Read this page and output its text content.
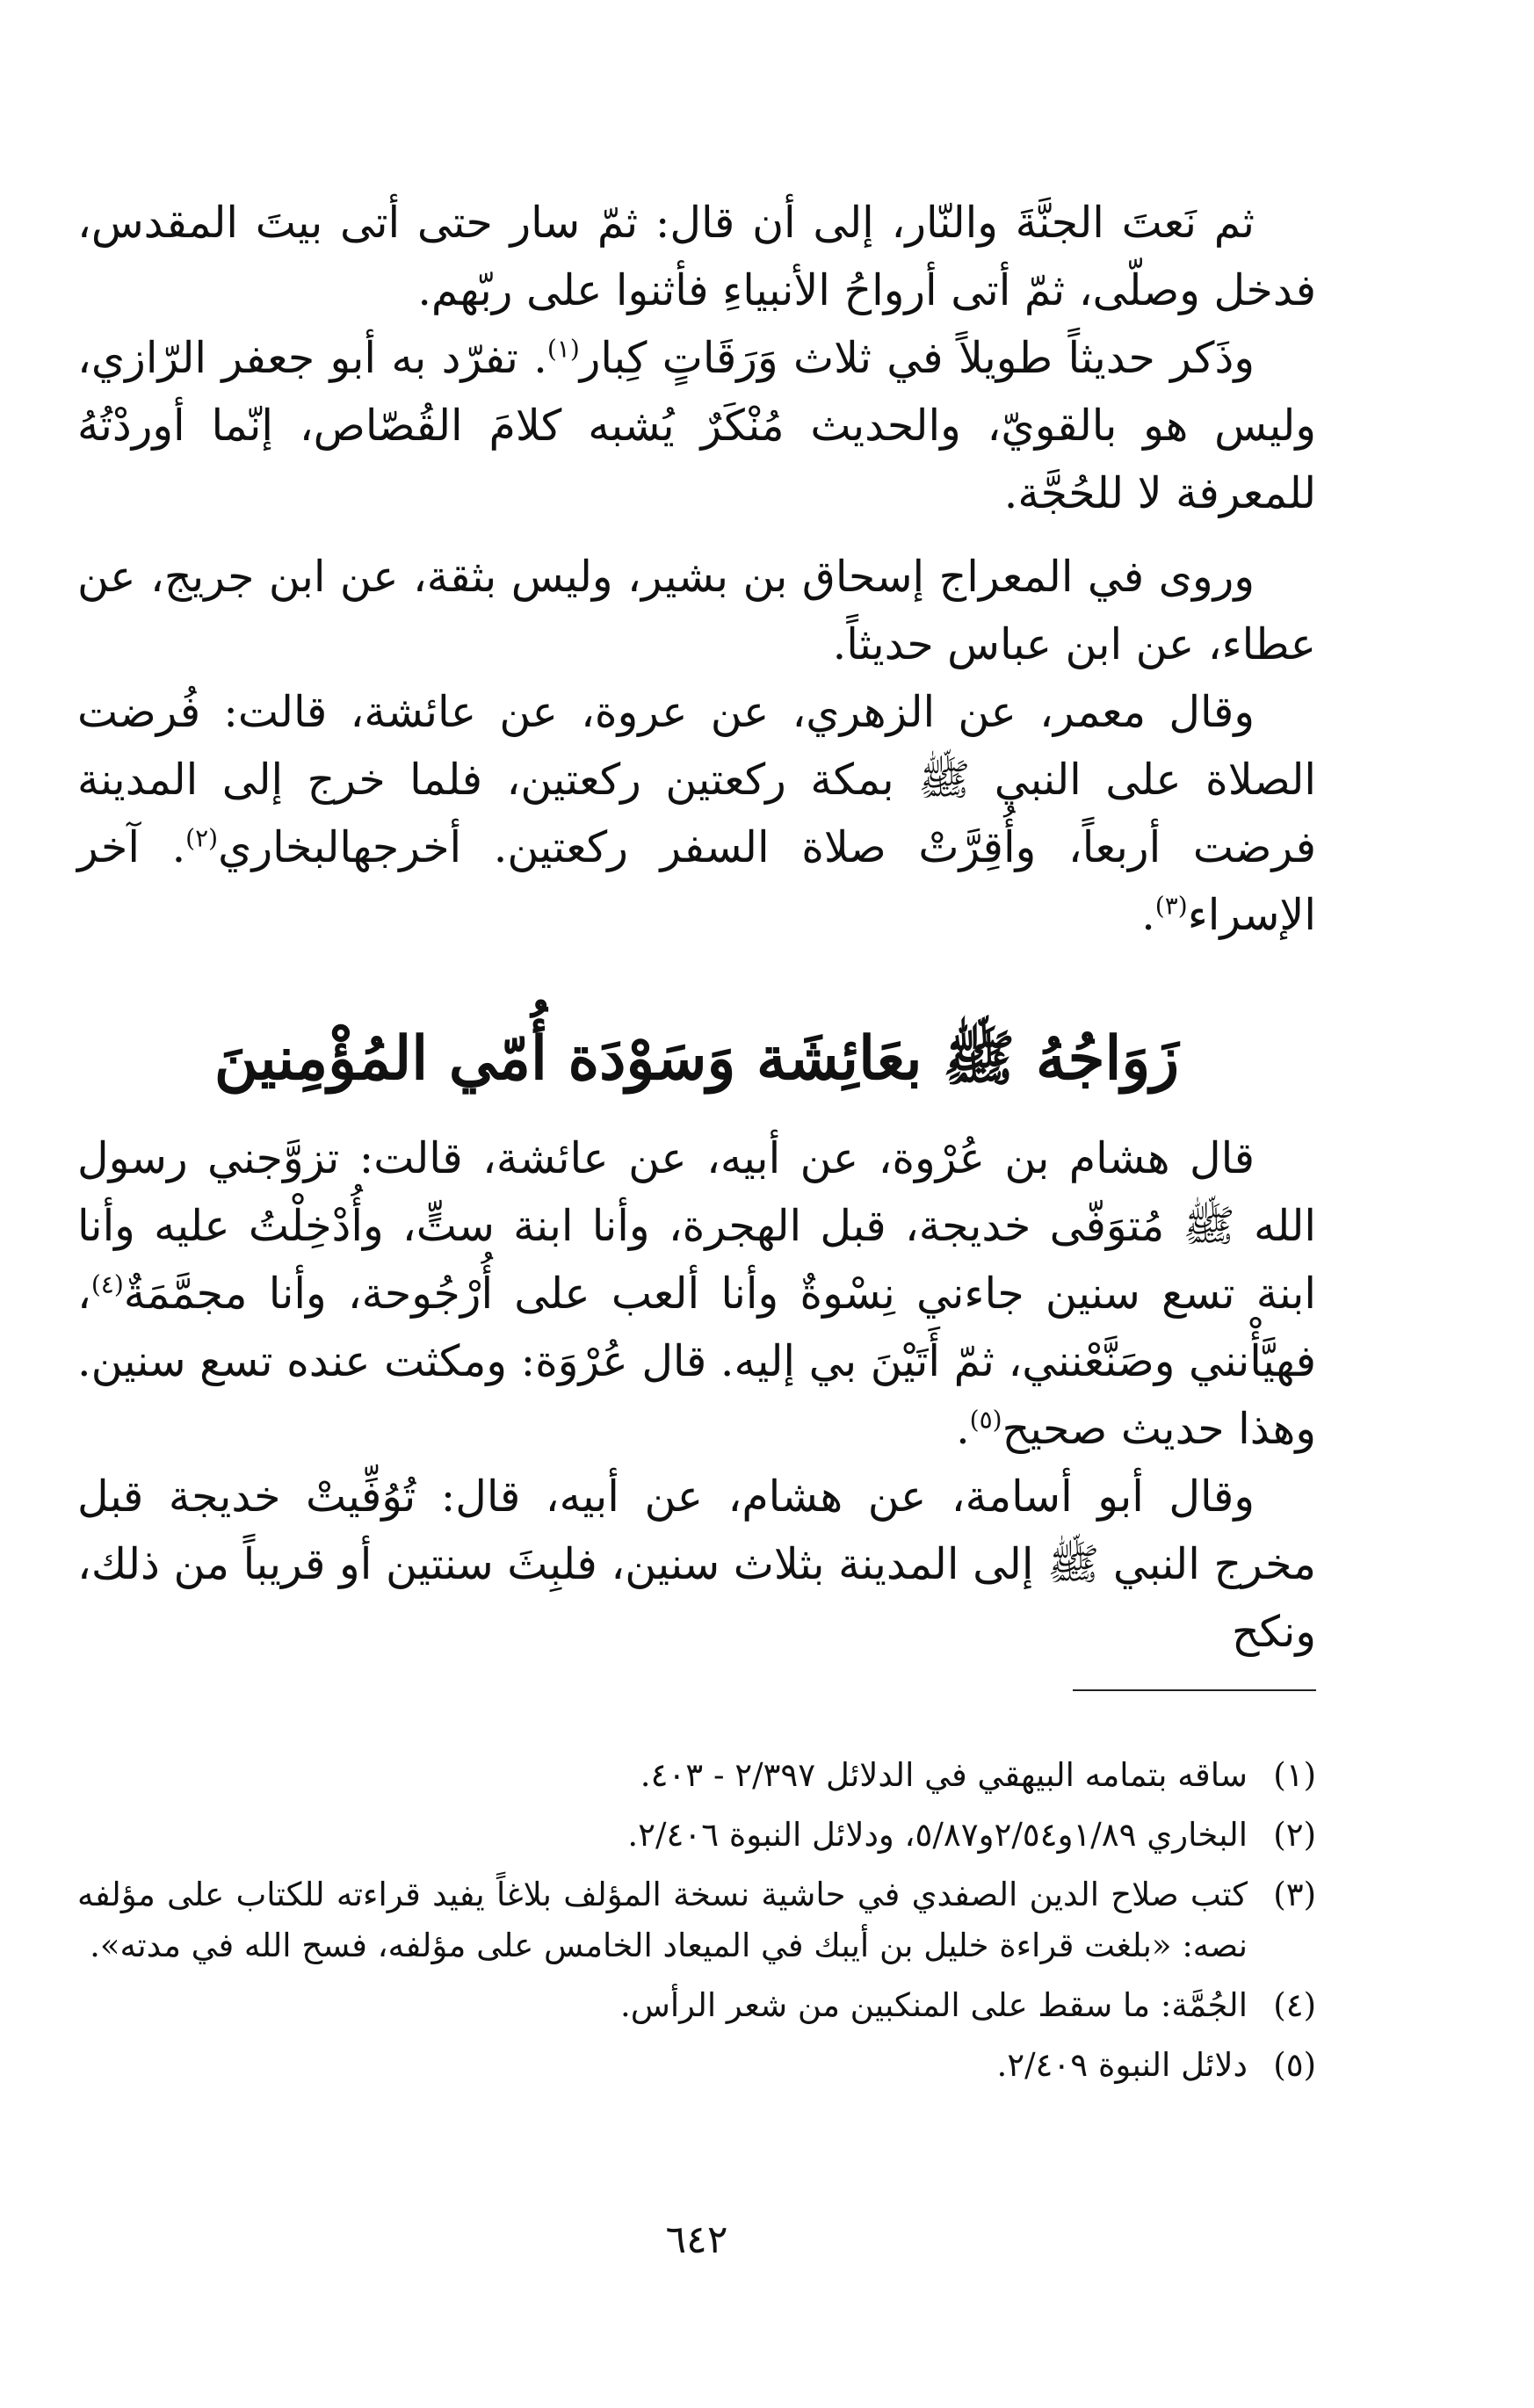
ثم نَعتَ الجنَّةَ والنّار، إلى أن قال: ثمّ سار حتى أتى بيتَ المقدس، فدخل وصلّى، ثمّ أتى أرواحُ الأنبياءِ فأثنوا على ربّهم.

وذَكر حديثاً طويلاً في ثلاث وَرَقَاتٍ كِبار$^{(١)}$. تفرّد به أبو جعفر الرّازي، وليس هو بالقويّ، والحديث مُنْكَرٌ يُشبه كلامَ القُصّاص، إنّما أوردْتُهُ للمعرفة لا للحُجَّة.

وروى في المعراج إسحاق بن بشير، وليس بثقة، عن ابن جريج، عن عطاء، عن ابن عباس حديثاً.

وقال معمر، عن الزهري، عن عروة، عن عائشة، قالت: فُرضت الصلاة على النبي ﷺ بمكة ركعتين ركعتين، فلما خرج إلى المدينة فرضت أربعاً، وأُقِرَّتْ صلاة السفر ركعتين. أخرجهالبخاري$^{(٢)}$. آخر الإسراء$^{(٣)}$.

زَوَاجُهُ ﷺ بعَائِشَة وَسَوْدَة أُمّي المُؤْمِنينَ

قال هشام بن عُرْوة، عن أبيه، عن عائشة، قالت: تزوَّجني رسول الله ﷺ مُتوَفّى خديجة، قبل الهجرة، وأنا ابنة ستٍّ، وأُدْخِلْتُ عليه وأنا ابنة تسع سنين جاءني نِسْوةٌ وأنا ألعب على أُرْجُوحة، وأنا مجمَّمَةٌ$^{(٤)}$، فهيَّأْنني وصَنَّعْنني، ثمّ أَتَيْنَ بي إليه. قال عُرْوَة: ومكثت عنده تسع سنين. وهذا حديث صحيح$^{(٥)}$.

وقال أبو أسامة، عن هشام، عن أبيه، قال: تُوُفِّيتْ خديجة قبل مخرج النبي ﷺ إلى المدينة بثلاث سنين، فلبِثَ سنتين أو قريباً من ذلك، ونكح

(١)
ساقه بتمامه البيهقي في الدلائل ٢/٣٩٧ - ٤٠٣.
(٢)
البخاري ١/٨٩و٢/٥٤و٥/٨٧، ودلائل النبوة ٢/٤٠٦.
(٣)
كتب صلاح الدين الصفدي في حاشية نسخة المؤلف بلاغاً يفيد قراءته للكتاب على مؤلفه نصه: «بلغت قراءة خليل بن أيبك في الميعاد الخامس على مؤلفه، فسح الله في مدته».
(٤)
الجُمَّة: ما سقط على المنكبين من شعر الرأس.
(٥)
دلائل النبوة ٢/٤٠٩.
٦٤٢
